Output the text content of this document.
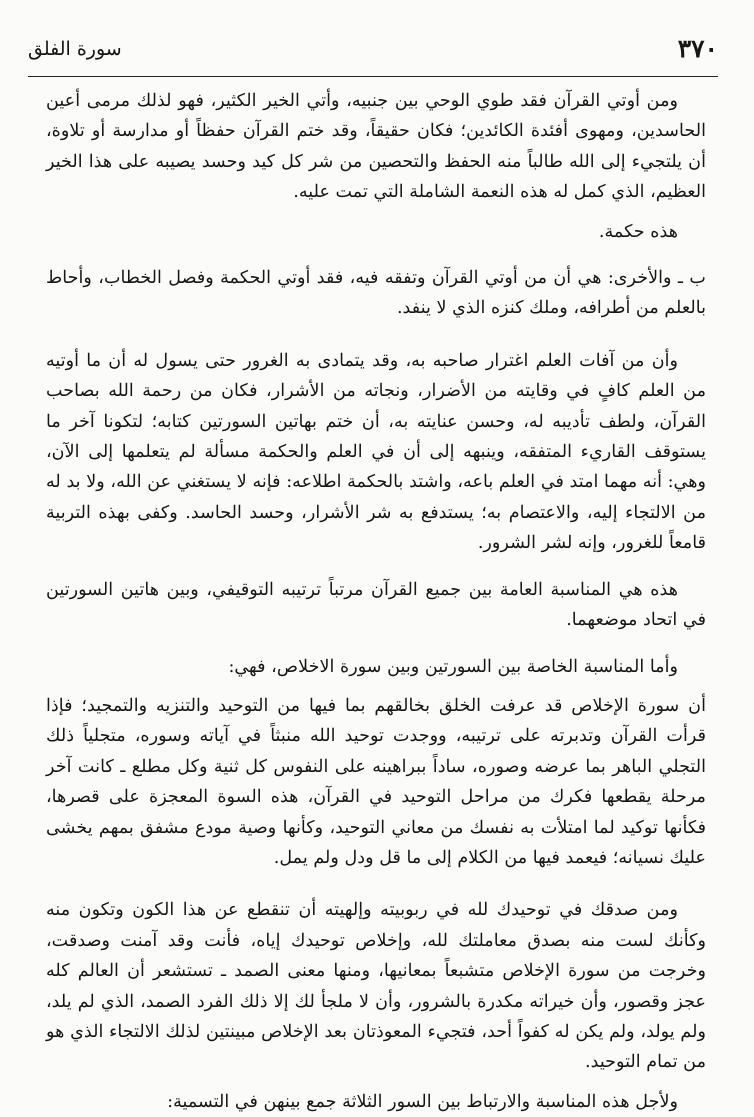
٣٧٠
سورة الفلق

ومن أوتي القرآن فقد طوي الوحي بين جنبيه، وأتي الخير الكثير، فهو لذلك مرمى أعين الحاسدين، ومهوى أفئدة الكائدين؛ فكان حقيقاً، وقد ختم القرآن حفظاً أو مدارسة أو تلاوة، أن يلتجيء إلى الله طالباً منه الحفظ والتحصين من شر كل كيد وحسد يصيبه على هذا الخير العظيم، الذي كمل له هذه النعمة الشاملة التي تمت عليه.

هذه حكمة.

ب ـ والأخرى: هي أن من أوتي القرآن وتفقه فيه، فقد أوتي الحكمة وفصل الخطاب، وأحاط بالعلم من أطرافه، وملك كنزه الذي لا ينفد.

وأن من آفات العلم اغترار صاحبه به، وقد يتمادى به الغرور حتى يسول له أن ما أوتيه من العلم كافٍ في وقايته من الأضرار، ونجاته من الأشرار، فكان من رحمة الله بصاحب القرآن، ولطف تأديبه له، وحسن عنايته به، أن ختم بهاتين السورتين كتابه؛ لتكونا آخر ما يستوقف القاريء المتفقه، وينبهه إلى أن في العلم والحكمة مسألة لم يتعلمها إلى الآن، وهي: أنه مهما امتد في العلم باعه، واشتد بالحكمة اطلاعه: فإنه لا يستغني عن الله، ولا بد له من الالتجاء إليه، والاعتصام به؛ يستدفع به شر الأشرار، وحسد الحاسد. وكفى بهذه التربية قامعاً للغرور، وإنه لشر الشرور.

هذه هي المناسبة العامة بين جميع القرآن مرتباً ترتيبه التوقيفي، وبين هاتين السورتين في اتحاد موضعهما.

وأما المناسبة الخاصة بين السورتين وبين سورة الاخلاص، فهي:

أن سورة الإخلاص قد عرفت الخلق بخالقهم بما فيها من التوحيد والتنزيه والتمجيد؛ فإذا قرأت القرآن وتدبرته على ترتيبه، ووجدت توحيد الله منبثاً في آياته وسوره، متجلياً ذلك التجلي الباهر بما عرضه وصوره، ساداً ببراهينه على النفوس كل ثنية وكل مطلع ـ كانت آخر مرحلة يقطعها فكرك من مراحل التوحيد في القرآن، هذه السوة المعجزة على قصرها، فكأنها توكيد لما امتلأت به نفسك من معاني التوحيد، وكأنها وصية مودع مشفق بمهم يخشى عليك نسيانه؛ فيعمد فيها من الكلام إلى ما قل ودل ولم يمل.

ومن صدقك في توحيدك لله في ربوبيته وإلهيته أن تنقطع عن هذا الكون وتكون منه وكأنك لست منه بصدق معاملتك لله، وإخلاص توحيدك إياه، فأنت وقد آمنت وصدقت، وخرجت من سورة الإخلاص متشبعاً بمعانيها، ومنها معنى الصمد ـ تستشعر أن العالم كله عجز وقصور، وأن خيراته مكدرة بالشرور، وأن لا ملجأ لك إلا ذلك الفرد الصمد، الذي لم يلد، ولم يولد، ولم يكن له كفواً أحد، فتجيء المعوذتان بعد الإخلاص مبينتين لذلك الالتجاء الذي هو من تمام التوحيد.

ولأجل هذه المناسبة والارتباط بين السور الثلاثة جمع بينهن في التسمية:
